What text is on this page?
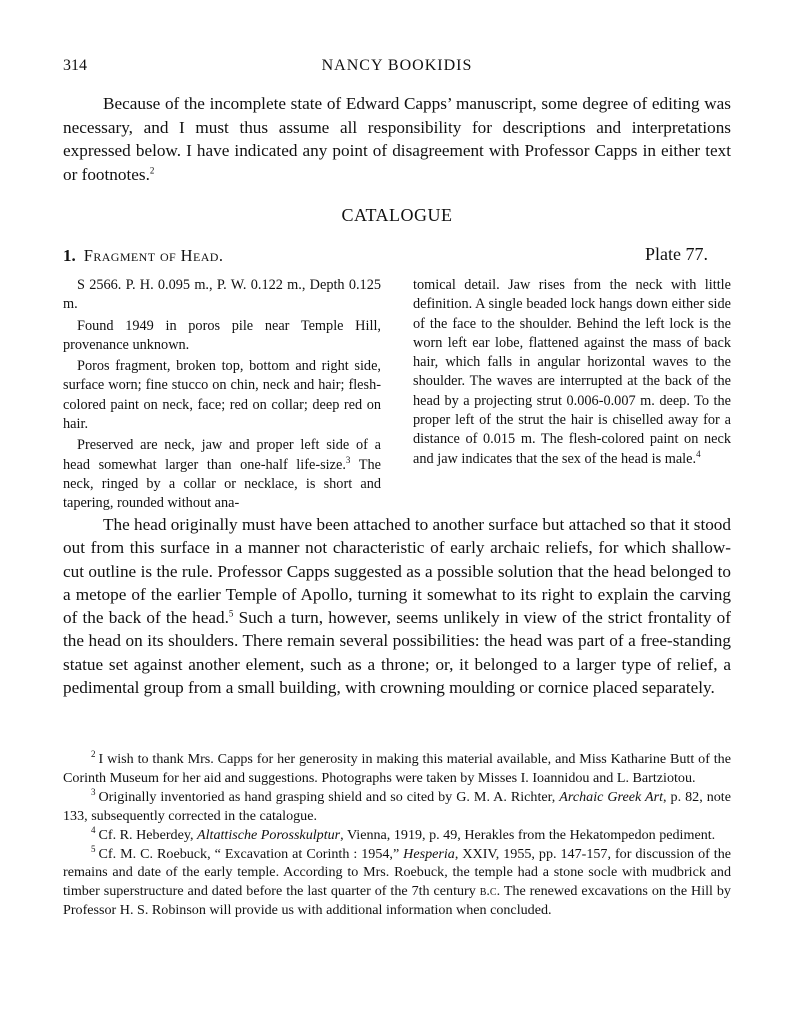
314	NANCY BOOKIDIS

Because of the incomplete state of Edward Capps’ manuscript, some degree of editing was necessary, and I must thus assume all responsibility for descriptions and interpretations expressed below. I have indicated any point of disagreement with Professor Capps in either text or footnotes.$^2$

CATALOGUE
1. Fragment of Head.	Plate 77.

S 2566. P. H. 0.095 m., P. W. 0.122 m., Depth 0.125 m.

Found 1949 in poros pile near Temple Hill, provenance unknown.

Poros fragment, broken top, bottom and right side, surface worn; fine stucco on chin, neck and hair; flesh-colored paint on neck, face; red on collar; deep red on hair.

Preserved are neck, jaw and proper left side of a head somewhat larger than one-half life-size.$^3$ The neck, ringed by a collar or necklace, is short and tapering, rounded without ana-

tomical detail. Jaw rises from the neck with little definition. A single beaded lock hangs down either side of the face to the shoulder. Behind the left lock is the worn left ear lobe, flattened against the mass of back hair, which falls in angular horizontal waves to the shoulder. The waves are interrupted at the back of the head by a projecting strut 0.006-0.007 m. deep. To the proper left of the strut the hair is chiselled away for a distance of 0.015 m. The flesh-colored paint on neck and jaw indicates that the sex of the head is male.$^4$

The head originally must have been attached to another surface but attached so that it stood out from this surface in a manner not characteristic of early archaic reliefs, for which shallow-cut outline is the rule. Professor Capps suggested as a possible solution that the head belonged to a metope of the earlier Temple of Apollo, turning it somewhat to its right to explain the carving of the back of the head.$^5$ Such a turn, however, seems unlikely in view of the strict frontality of the head on its shoulders. There remain several possibilities: the head was part of a free-standing statue set against another element, such as a throne; or, it belonged to a larger type of relief, a pedimental group from a small building, with crowning moulding or cornice placed separately.

$^2$ I wish to thank Mrs. Capps for her generosity in making this material available, and Miss Katharine Butt of the Corinth Museum for her aid and suggestions. Photographs were taken by Misses I. Ioannidou and L. Bartziotou.

$^3$ Originally inventoried as hand grasping shield and so cited by G. M. A. Richter, Archaic Greek Art, p. 82, note 133, subsequently corrected in the catalogue.

$^4$ Cf. R. Heberdey, Altattische Porosskulptur, Vienna, 1919, p. 49, Herakles from the Hekatompedon pediment.

$^5$ Cf. M. C. Roebuck, “ Excavation at Corinth : 1954,” Hesperia, XXIV, 1955, pp. 147-157, for discussion of the remains and date of the early temple. According to Mrs. Roebuck, the temple had a stone socle with mudbrick and timber superstructure and dated before the last quarter of the 7th century b.c. The renewed excavations on the Hill by Professor H. S. Robinson will provide us with additional information when concluded.
